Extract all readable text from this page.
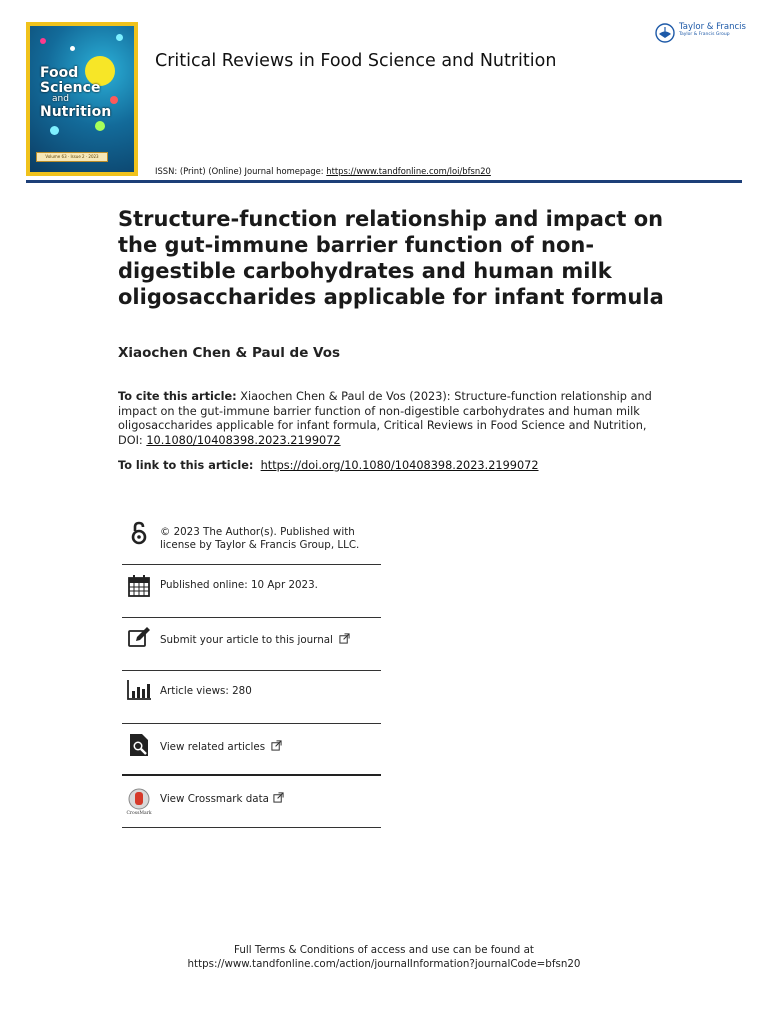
Food
Science
and
Nutrition
Volume 63 · Issue 2 · 2023
Critical Reviews in Food Science and Nutrition
Taylor & Francis
Taylor & Francis Group
ISSN: (Print) (Online) Journal homepage: https://www.tandfonline.com/loi/bfsn20
Structure-function relationship and impact on the gut-immune barrier function of non-digestible carbohydrates and human milk oligosaccharides applicable for infant formula
Xiaochen Chen & Paul de Vos
To cite this article: Xiaochen Chen & Paul de Vos (2023): Structure-function relationship and impact on the gut-immune barrier function of non-digestible carbohydrates and human milk oligosaccharides applicable for infant formula, Critical Reviews in Food Science and Nutrition, DOI: 10.1080/10408398.2023.2199072
To link to this article: https://doi.org/10.1080/10408398.2023.2199072
© 2023 The Author(s). Published with
license by Taylor & Francis Group, LLC.
Published online: 10 Apr 2023.
Submit your article to this journal
Article views: 280
View related articles
CrossMark
View Crossmark data
Full Terms & Conditions of access and use can be found at
https://www.tandfonline.com/action/journalInformation?journalCode=bfsn20
